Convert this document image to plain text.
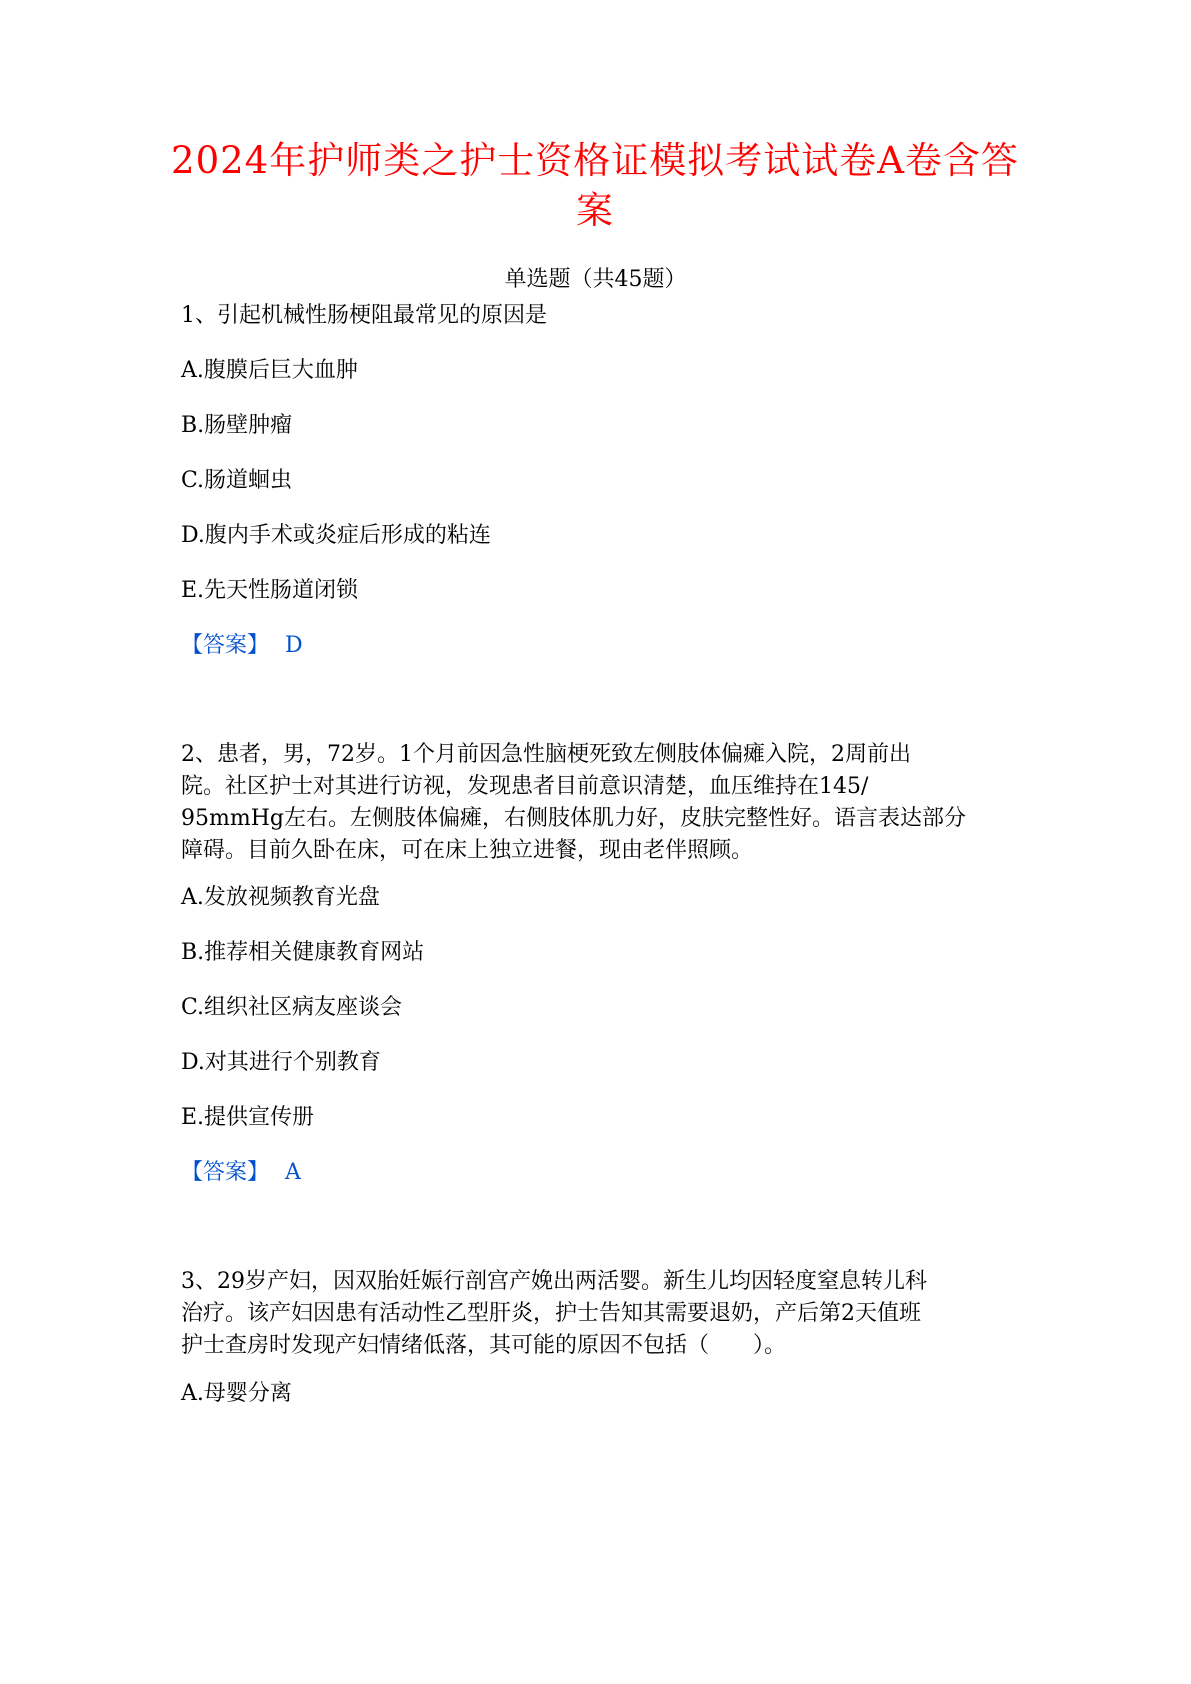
2024年护师类之护士资格证模拟考试试卷A卷含答
案
单选题（共45题）
1、引起机械性肠梗阻最常见的原因是
A.腹膜后巨大血肿
B.肠壁肿瘤
C.肠道蛔虫
D.腹内手术或炎症后形成的粘连
E.先天性肠道闭锁
【答案】 D
2、患者，男，72岁。1个月前因急性脑梗死致左侧肢体偏瘫入院，2周前出
院。社区护士对其进行访视，发现患者目前意识清楚，血压维持在145/
95mmHg左右。左侧肢体偏瘫，右侧肢体肌力好，皮肤完整性好。语言表达部分
障碍。目前久卧在床，可在床上独立进餐，现由老伴照顾。
A.发放视频教育光盘
B.推荐相关健康教育网站
C.组织社区病友座谈会
D.对其进行个别教育
E.提供宣传册
【答案】 A
3、29岁产妇，因双胎妊娠行剖宫产娩出两活婴。新生儿均因轻度窒息转儿科
治疗。该产妇因患有活动性乙型肝炎，护士告知其需要退奶，产后第2天值班
护士查房时发现产妇情绪低落，其可能的原因不包括（　　）。
A.母婴分离
